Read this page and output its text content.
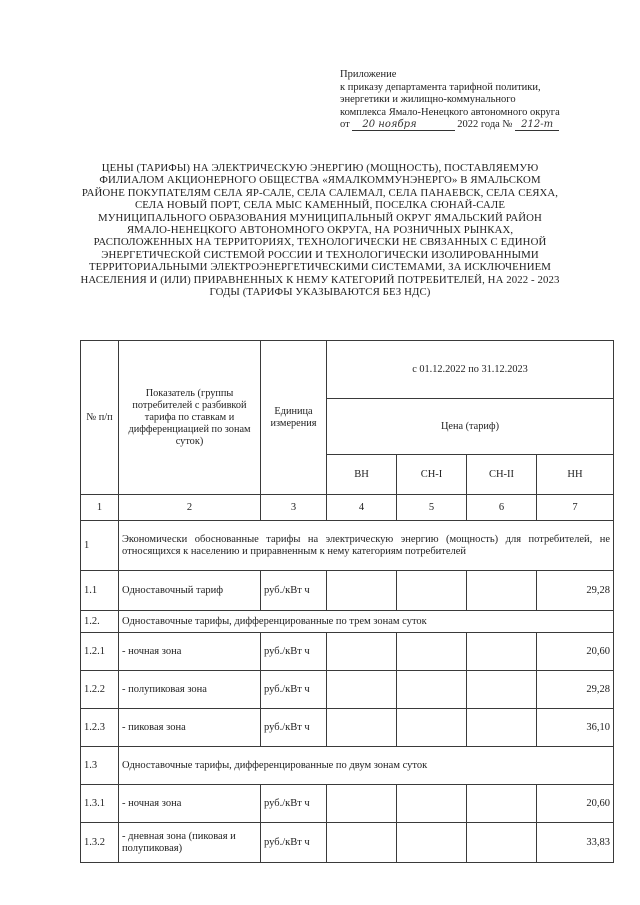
Приложение
к приказу департамента тарифной политики,
энергетики и жилищно-коммунального
комплекса Ямало-Ненецкого автономного округа
от 20 ноября	2022 года № 212-т
ЦЕНЫ (ТАРИФЫ) НА ЭЛЕКТРИЧЕСКУЮ ЭНЕРГИЮ (МОЩНОСТЬ), ПОСТАВЛЯЕМУЮ ФИЛИАЛОМ АКЦИОНЕРНОГО ОБЩЕСТВА «ЯМАЛКОММУНЭНЕРГО» В ЯМАЛЬСКОМ РАЙОНЕ ПОКУПАТЕЛЯМ СЕЛА ЯР-САЛЕ, СЕЛА САЛЕМАЛ, СЕЛА ПАНАЕВСК, СЕЛА СЕЯХА, СЕЛА НОВЫЙ ПОРТ, СЕЛА МЫС КАМЕННЫЙ, ПОСЕЛКА СЮНАЙ-САЛЕ МУНИЦИПАЛЬНОГО ОБРАЗОВАНИЯ МУНИЦИПАЛЬНЫЙ ОКРУГ ЯМАЛЬСКИЙ РАЙОН ЯМАЛО-НЕНЕЦКОГО АВТОНОМНОГО ОКРУГА, НА РОЗНИЧНЫХ РЫНКАХ, РАСПОЛОЖЕННЫХ НА ТЕРРИТОРИЯХ, ТЕХНОЛОГИЧЕСКИ НЕ СВЯЗАННЫХ С ЕДИНОЙ ЭНЕРГЕТИЧЕСКОЙ СИСТЕМОЙ РОССИИ И ТЕХНОЛОГИЧЕСКИ ИЗОЛИРОВАННЫМИ ТЕРРИТОРИАЛЬНЫМИ ЭЛЕКТРОЭНЕРГЕТИЧЕСКИМИ СИСТЕМАМИ, ЗА ИСКЛЮЧЕНИЕМ НАСЕЛЕНИЯ И (ИЛИ) ПРИРАВНЕННЫХ К НЕМУ КАТЕГОРИЙ ПОТРЕБИТЕЛЕЙ, НА 2022 - 2023 ГОДЫ (ТАРИФЫ УКАЗЫВАЮТСЯ БЕЗ НДС)
№ п/п	Показатель (группы потребителей с разбивкой тарифа по ставкам и дифференциацией по зонам суток)	Единица измерения	с 01.12.2022 по 31.12.2023			
			Цена (тариф)			
			ВН	СН-I	СН-II	НН
1	2	3	4	5	6	7
1	Экономически обоснованные тарифы на электрическую энергию (мощность) для потребителей, не относящихся к населению и приравненным к нему категориям потребителей					
1.1	Одноставочный тариф	руб./кВт ч				29,28
1.2.	Одноставочные тарифы, дифференцированные по трем зонам суток					
1.2.1	- ночная зона	руб./кВт ч				20,60
1.2.2	- полупиковая зона	руб./кВт ч				29,28
1.2.3	- пиковая зона	руб./кВт ч				36,10
1.3	Одноставочные тарифы, дифференцированные по двум зонам суток					
1.3.1	- ночная зона	руб./кВт ч				20,60
1.3.2	- дневная зона (пиковая и полупиковая)	руб./кВт ч				33,83
